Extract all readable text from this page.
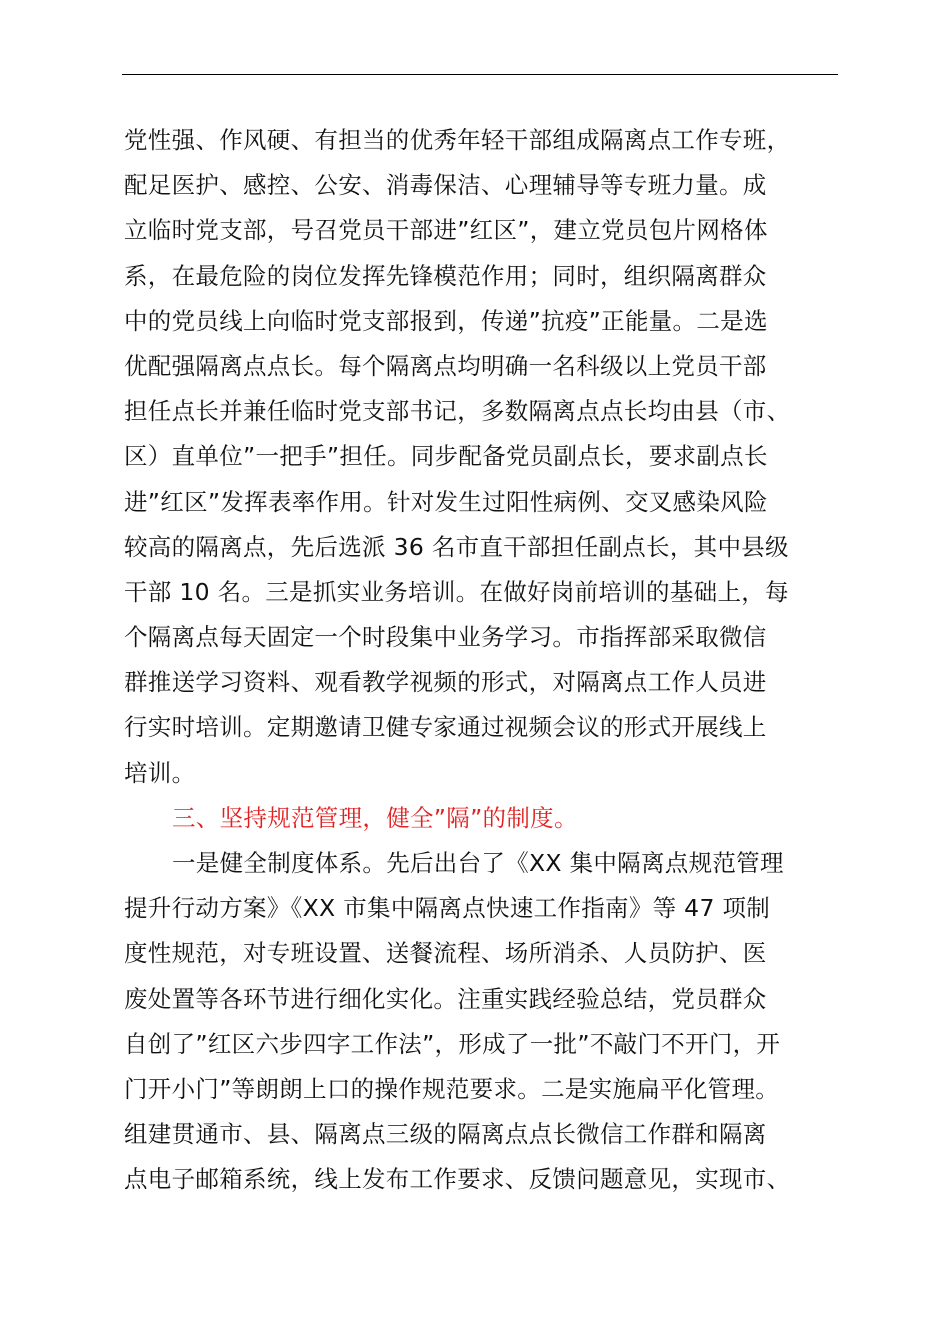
党性强、作风硬、有担当的优秀年轻干部组成隔离点工作专班，
配足医护、感控、公安、消毒保洁、心理辅导等专班力量。成
立临时党支部，号召党员干部进”红区”，建立党员包片网格体
系，在最危险的岗位发挥先锋模范作用；同时，组织隔离群众
中的党员线上向临时党支部报到，传递”抗疫”正能量。二是选
优配强隔离点点长。每个隔离点均明确一名科级以上党员干部
担任点长并兼任临时党支部书记，多数隔离点点长均由县（市、
区）直单位”一把手”担任。同步配备党员副点长，要求副点长
进”红区”发挥表率作用。针对发生过阳性病例、交叉感染风险
较高的隔离点，先后选派 36 名市直干部担任副点长，其中县级
干部 10 名。三是抓实业务培训。在做好岗前培训的基础上，每
个隔离点每天固定一个时段集中业务学习。市指挥部采取微信
群推送学习资料、观看教学视频的形式，对隔离点工作人员进
行实时培训。定期邀请卫健专家通过视频会议的形式开展线上
培训。
三、坚持规范管理，健全”隔”的制度。
一是健全制度体系。先后出台了《XX 集中隔离点规范管理
提升行动方案》《XX 市集中隔离点快速工作指南》等 47 项制
度性规范，对专班设置、送餐流程、场所消杀、人员防护、医
废处置等各环节进行细化实化。注重实践经验总结，党员群众
自创了”红区六步四字工作法”，形成了一批”不敲门不开门，开
门开小门”等朗朗上口的操作规范要求。二是实施扁平化管理。
组建贯通市、县、隔离点三级的隔离点点长微信工作群和隔离
点电子邮箱系统，线上发布工作要求、反馈问题意见，实现市、
